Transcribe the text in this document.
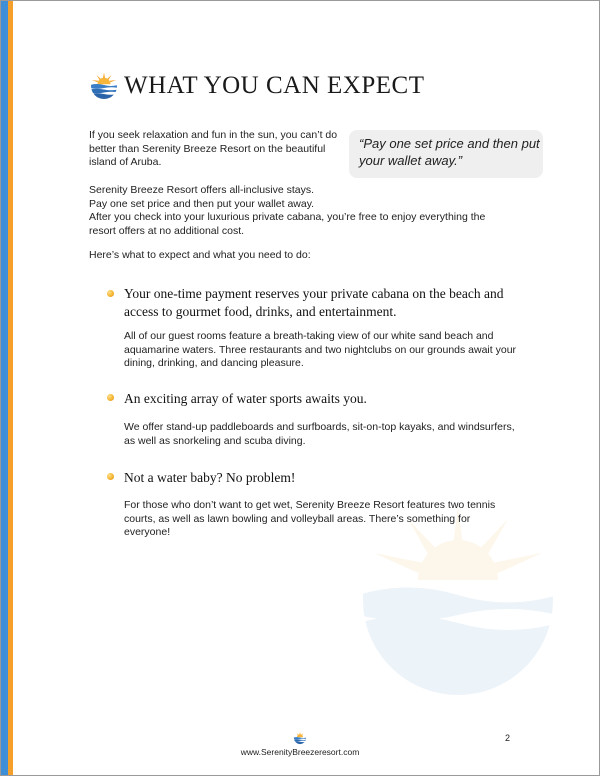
WHAT YOU CAN EXPECT

If you seek relaxation and fun in the sun, you can’t do better than Serenity Breeze Resort on the beautiful island of Aruba.

“Pay one set price and then put your wallet away.”
Serenity Breeze Resort offers all-inclusive stays.
Pay one set price and then put your wallet away.
After you check into your luxurious private cabana, you’re free to enjoy everything the resort offers at no additional cost.

Here’s what to expect and what you need to do:

Your one-time payment reserves your private cabana on the beach and access to gourmet food, drinks, and entertainment.

All of our guest rooms feature a breath-taking view of our white sand beach and aquamarine waters. Three restaurants and two nightclubs on our grounds await your dining, drinking, and dancing pleasure.

An exciting array of water sports awaits you.

We offer stand-up paddleboards and surfboards, sit-on-top kayaks, and windsurfers, as well as snorkeling and scuba diving.

Not a water baby? No problem!

For those who don’t want to get wet, Serenity Breeze Resort features two tennis courts, as well as lawn bowling and volleyball areas. There’s something for everyone!

www.SerenityBreezeresort.com
2
